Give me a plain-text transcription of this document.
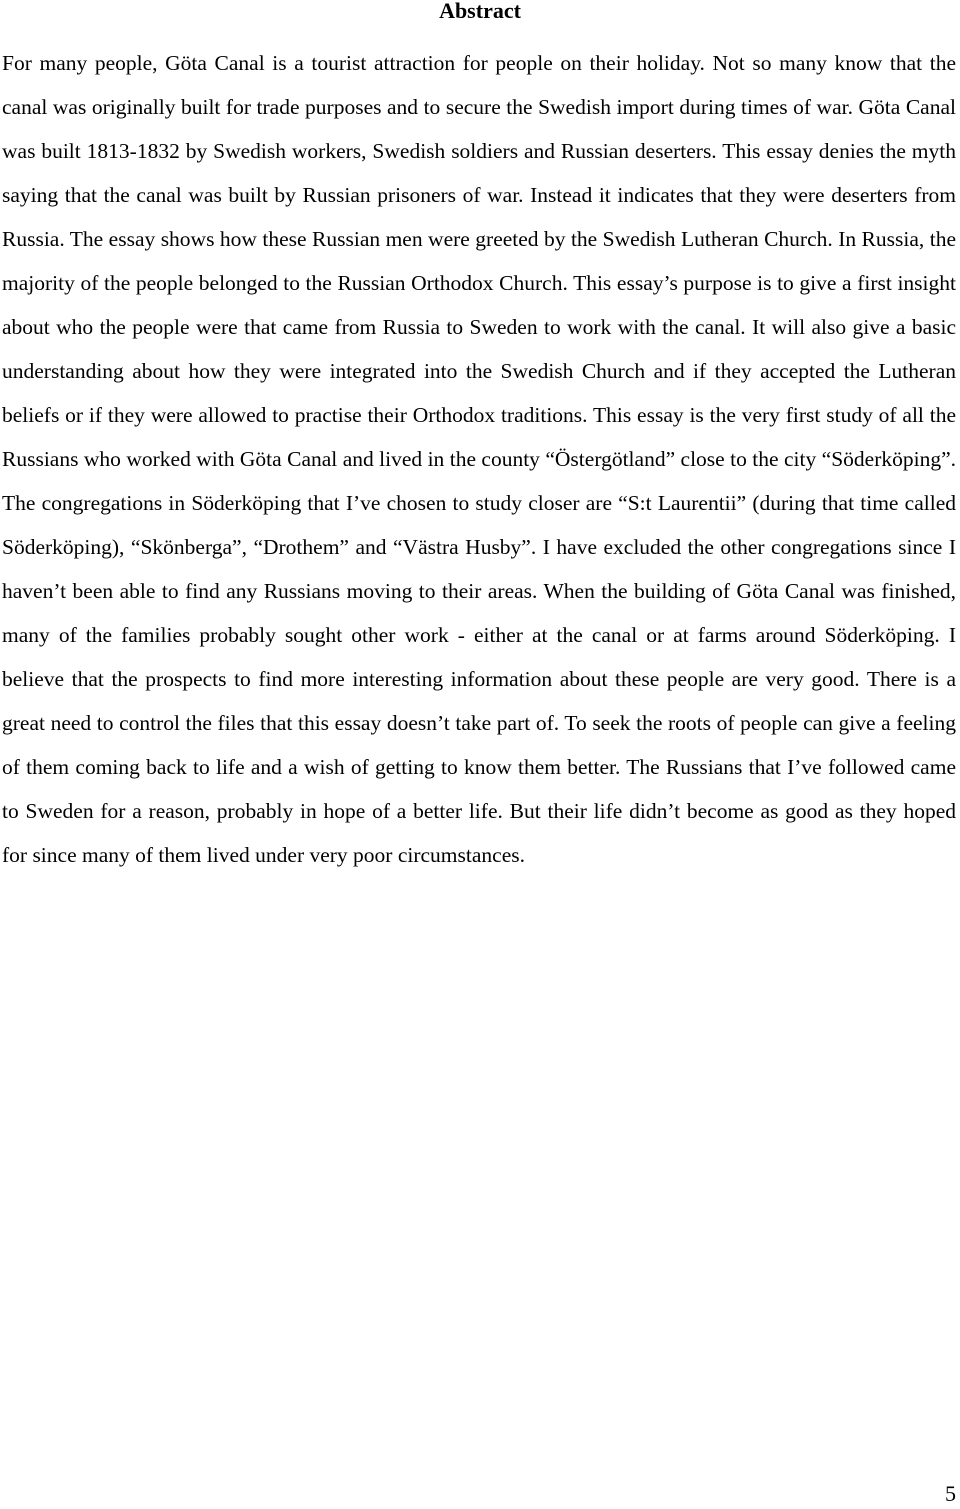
Abstract

For many people, Göta Canal is a tourist attraction for people on their holiday. Not so many know that the canal was originally built for trade purposes and to secure the Swedish import during times of war. Göta Canal was built 1813-1832 by Swedish workers, Swedish soldiers and Russian deserters. This essay denies the myth saying that the canal was built by Russian prisoners of war. Instead it indicates that they were deserters from Russia. The essay shows how these Russian men were greeted by the Swedish Lutheran Church. In Russia, the majority of the people belonged to the Russian Orthodox Church. This essay’s purpose is to give a first insight about who the people were that came from Russia to Sweden to work with the canal. It will also give a basic understanding about how they were integrated into the Swedish Church and if they accepted the Lutheran beliefs or if they were allowed to practise their Orthodox traditions. This essay is the very first study of all the Russians who worked with Göta Canal and lived in the county “Östergötland” close to the city “Söderköping”. The congregations in Söderköping that I’ve chosen to study closer are “S:t Laurentii” (during that time called Söderköping), “Skönberga”, “Drothem” and “Västra Husby”. I have excluded the other congregations since I haven’t been able to find any Russians moving to their areas. When the building of Göta Canal was finished, many of the families probably sought other work - either at the canal or at farms around Söderköping. I believe that the prospects to find more interesting information about these people are very good. There is a great need to control the files that this essay doesn’t take part of. To seek the roots of people can give a feeling of them coming back to life and a wish of getting to know them better. The Russians that I’ve followed came to Sweden for a reason, probably in hope of a better life. But their life didn’t become as good as they hoped for since many of them lived under very poor circumstances.

5
